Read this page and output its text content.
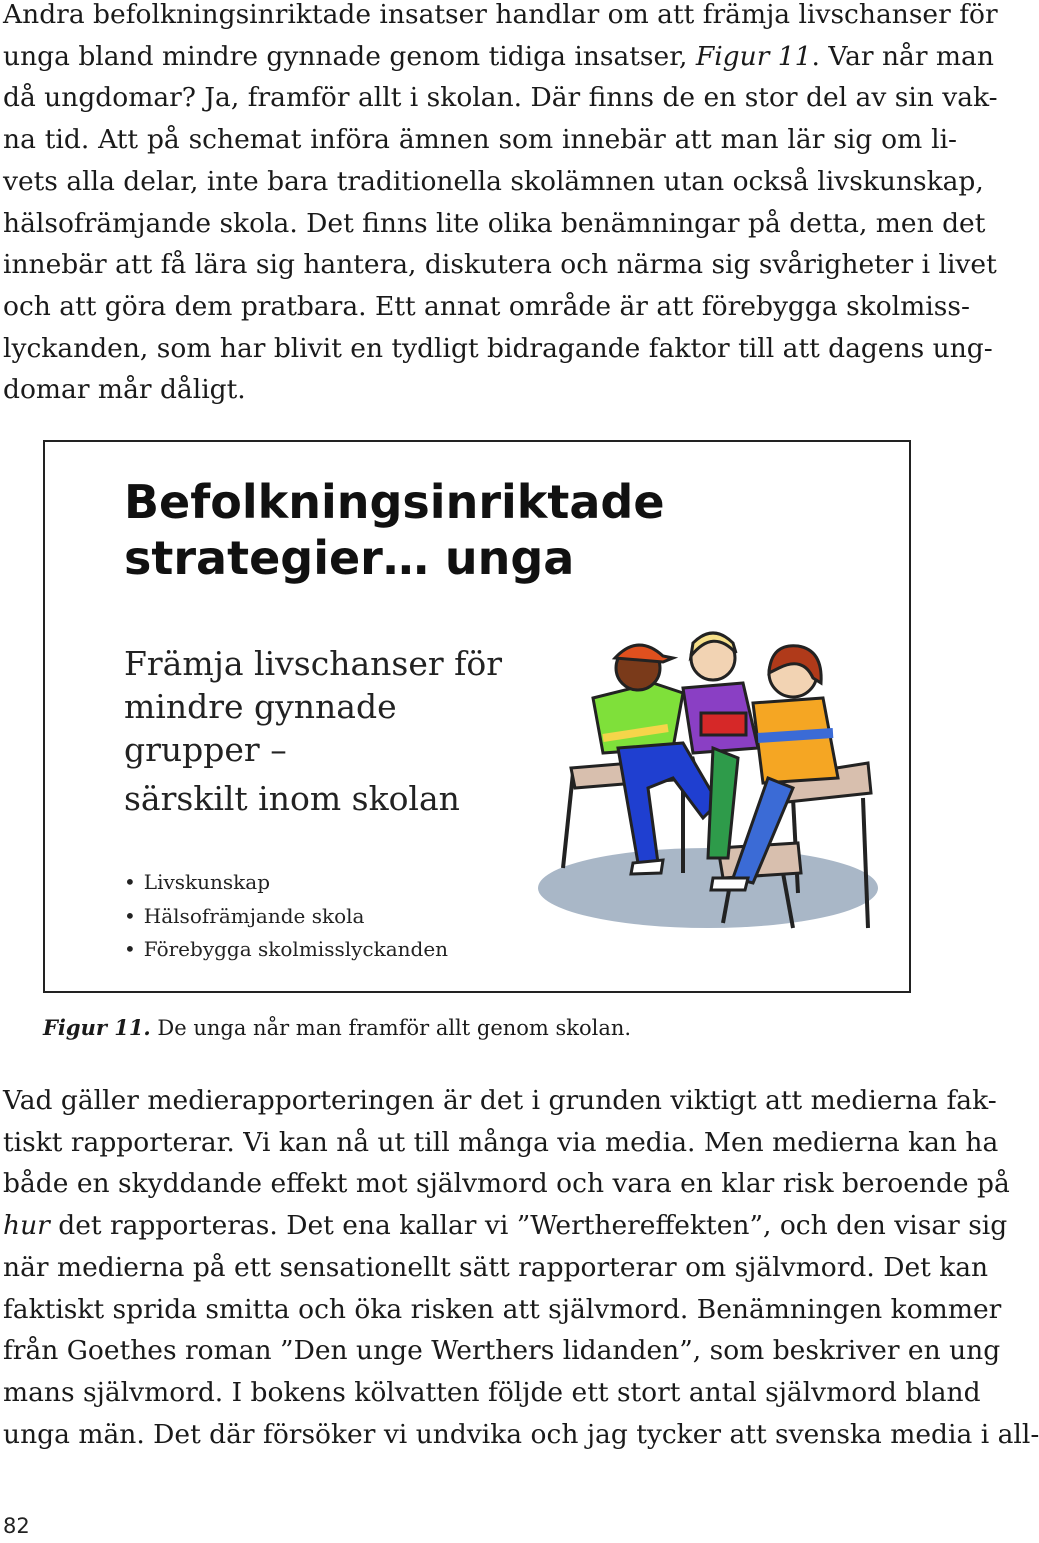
Andra befolkningsinriktade insatser handlar om att främja livschanser för
unga bland mindre gynnade genom tidiga insatser, Figur 11. Var når man
då ungdomar? Ja, framför allt i skolan. Där finns de en stor del av sin vak-
na tid. Att på schemat införa ämnen som innebär att man lär sig om li-
vets alla delar, inte bara traditionella skolämnen utan också livskunskap,
hälsofrämjande skola. Det finns lite olika benämningar på detta, men det
innebär att få lära sig hantera, diskutera och närma sig svårigheter i livet
och att göra dem pratbara. Ett annat område är att förebygga skolmiss-
lyckanden, som har blivit en tydligt bidragande faktor till att dagens ung-
domar mår dåligt.
Befolkningsinriktade
strategier… unga

Främja livschanser för
mindre gynnade
grupper –
särskilt inom skolan

• Livskunskap
• Hälsofrämjande skola
• Förebygga skolmisslyckanden

Figur 11. De unga når man framför allt genom skolan.

Vad gäller medierapporteringen är det i grunden viktigt att medierna fak-
tiskt rapporterar. Vi kan nå ut till många via media. Men medierna kan ha
både en skyddande effekt mot självmord och vara en klar risk beroende på
hur det rapporteras. Det ena kallar vi ”Werthereffekten”, och den visar sig
när medierna på ett sensationellt sätt rapporterar om självmord. Det kan
faktiskt sprida smitta och öka risken att självmord. Benämningen kommer
från Goethes roman ”Den unge Werthers lidanden”, som beskriver en ung
mans självmord. I bokens kölvatten följde ett stort antal självmord bland
unga män. Det där försöker vi undvika och jag tycker att svenska media i all-

82
